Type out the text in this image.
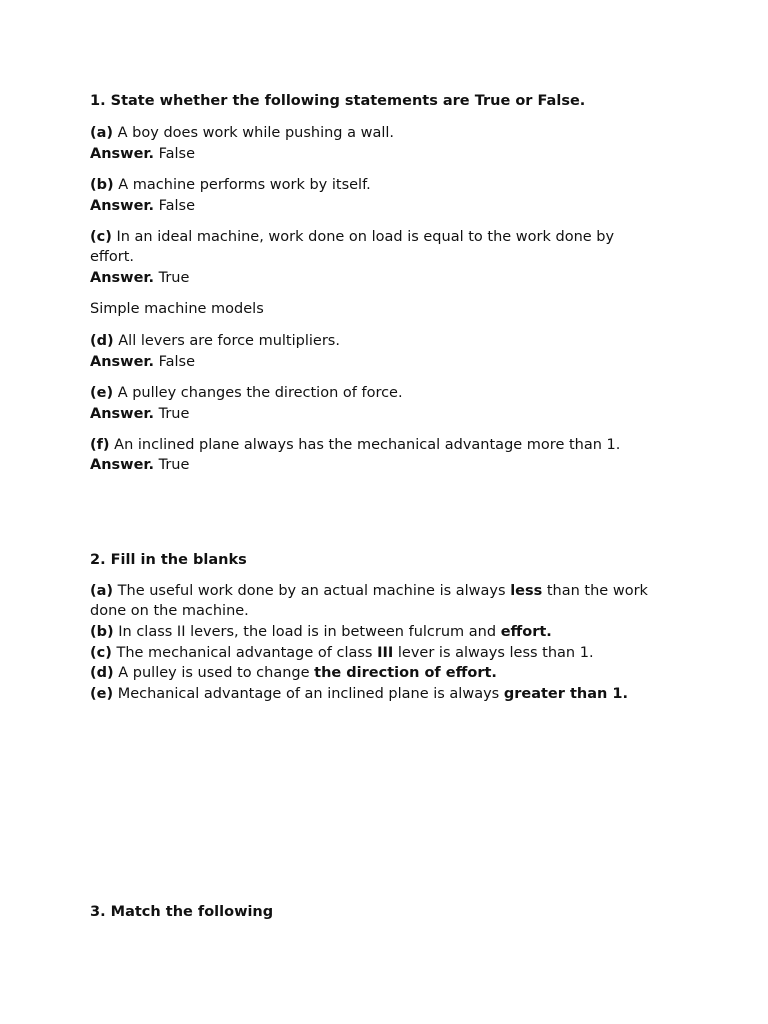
1. State whether the following statements are True or False.
(a) A boy does work while pushing a wall.
Answer. False
(b) A machine performs work by itself.
Answer. False
(c) In an ideal machine, work done on load is equal to the work done by
effort.
Answer. True
Simple machine models
(d) All levers are force multipliers.
Answer. False
(e) A pulley changes the direction of force.
Answer. True
(f) An inclined plane always has the mechanical advantage more than 1.
Answer. True
2. Fill in the blanks
(a) The useful work done by an actual machine is always less than the work
done on the machine.
(b) In class II levers, the load is in between fulcrum and effort.
(c) The mechanical advantage of class III lever is always less than 1.
(d) A pulley is used to change the direction of effort.
(e) Mechanical advantage of an inclined plane is always greater than 1.
3. Match the following
